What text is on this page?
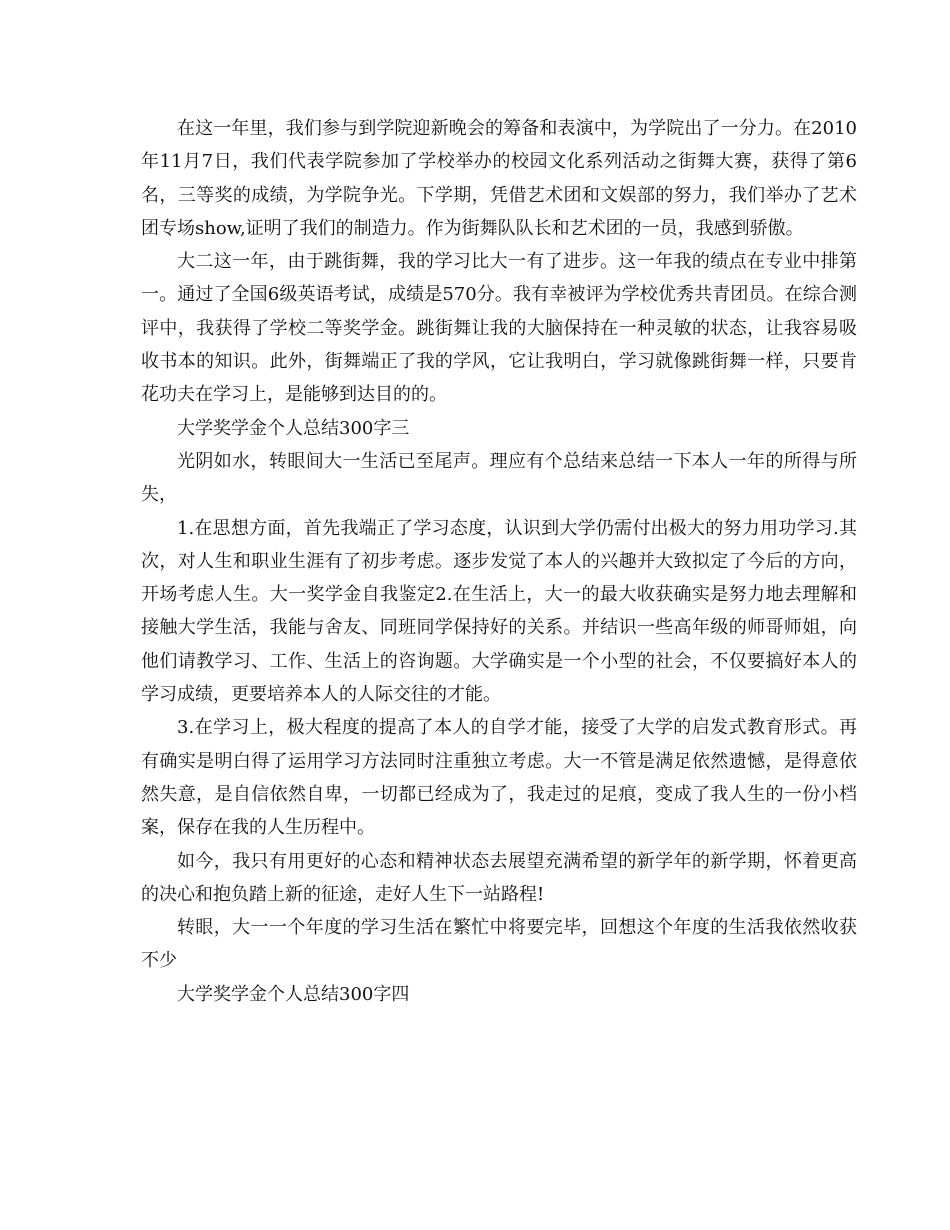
在这一年里，我们参与到学院迎新晚会的筹备和表演中，为学院出了一分力。在2010年11月7日，我们代表学院参加了学校举办的校园文化系列活动之街舞大赛，获得了第6名，三等奖的成绩，为学院争光。下学期，凭借艺术团和文娱部的努力，我们举办了艺术团专场show,证明了我们的制造力。作为街舞队队长和艺术团的一员，我感到骄傲。

大二这一年，由于跳街舞，我的学习比大一有了进步。这一年我的绩点在专业中排第一。通过了全国6级英语考试，成绩是570分。我有幸被评为学校优秀共青团员。在综合测评中，我获得了学校二等奖学金。跳街舞让我的大脑保持在一种灵敏的状态，让我容易吸收书本的知识。此外，街舞端正了我的学风，它让我明白，学习就像跳街舞一样，只要肯花功夫在学习上，是能够到达目的的。

大学奖学金个人总结300字三

光阴如水，转眼间大一生活已至尾声。理应有个总结来总结一下本人一年的所得与所失，

1.在思想方面，首先我端正了学习态度，认识到大学仍需付出极大的努力用功学习.其次，对人生和职业生涯有了初步考虑。逐步发觉了本人的兴趣并大致拟定了今后的方向，开场考虑人生。大一奖学金自我鉴定2.在生活上，大一的最大收获确实是努力地去理解和接触大学生活，我能与舍友、同班同学保持好的关系。并结识一些高年级的师哥师姐，向他们请教学习、工作、生活上的咨询题。大学确实是一个小型的社会，不仅要搞好本人的学习成绩，更要培养本人的人际交往的才能。

3.在学习上，极大程度的提高了本人的自学才能，接受了大学的启发式教育形式。再有确实是明白得了运用学习方法同时注重独立考虑。大一不管是满足依然遗憾，是得意依然失意，是自信依然自卑，一切都已经成为了，我走过的足痕，变成了我人生的一份小档案，保存在我的人生历程中。

如今，我只有用更好的心态和精神状态去展望充满希望的新学年的新学期，怀着更高的决心和抱负踏上新的征途，走好人生下一站路程!

转眼，大一一个年度的学习生活在繁忙中将要完毕，回想这个年度的生活我依然收获不少

大学奖学金个人总结300字四
